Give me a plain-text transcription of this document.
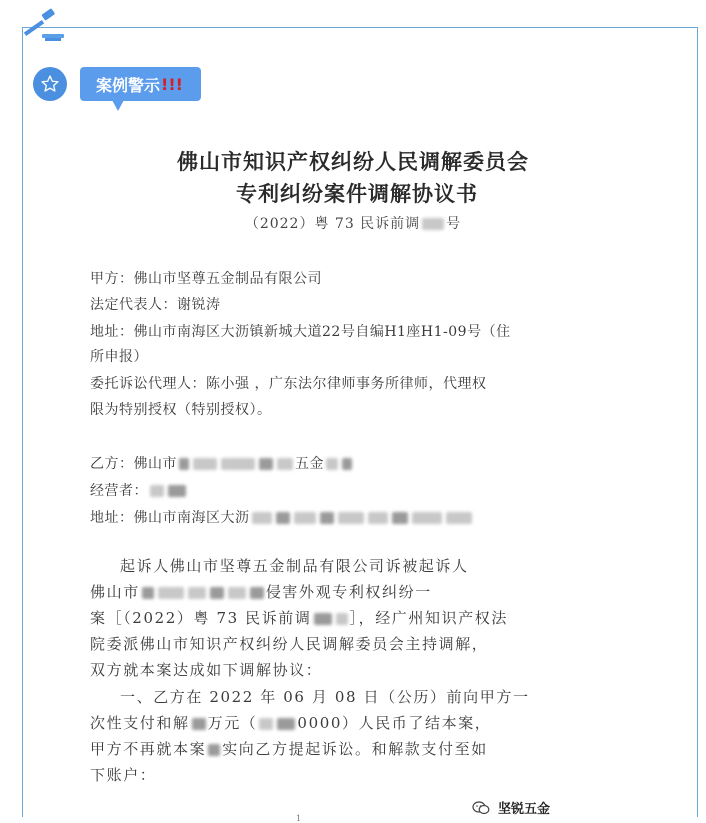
案例警示 !!!
佛山市知识产权纠纷人民调解委员会
专利纠纷案件调解协议书
（2022）粤 73 民诉前调 号
甲方：佛山市坚尊五金制品有限公司
法定代表人：谢锐涛
地址：佛山市南海区大沥镇新城大道22号自编H1座H1-09号（住
所申报）
委托诉讼代理人：陈小强 ，广东法尔律师事务所律师，代理权
限为特别授权（特别授权）。
乙方：佛山市	五金
经营者：
地址：佛山市南海区大沥
起诉人佛山市坚尊五金制品有限公司诉被起诉人
佛山市	侵害外观专利权纠纷一
案［（2022）粤 73 民诉前调	］，经广州知识产权法
院委派佛山市知识产权纠纷人民调解委员会主持调解，
双方就本案达成如下调解协议：
一、乙方在 2022 年 06 月 08 日（公历）前向甲方一
次性支付和解 万元（	0000）人民币了结本案，
甲方不再就本案 实向乙方提起诉讼。和解款支付至如
下账户：
1
坚锐五金
